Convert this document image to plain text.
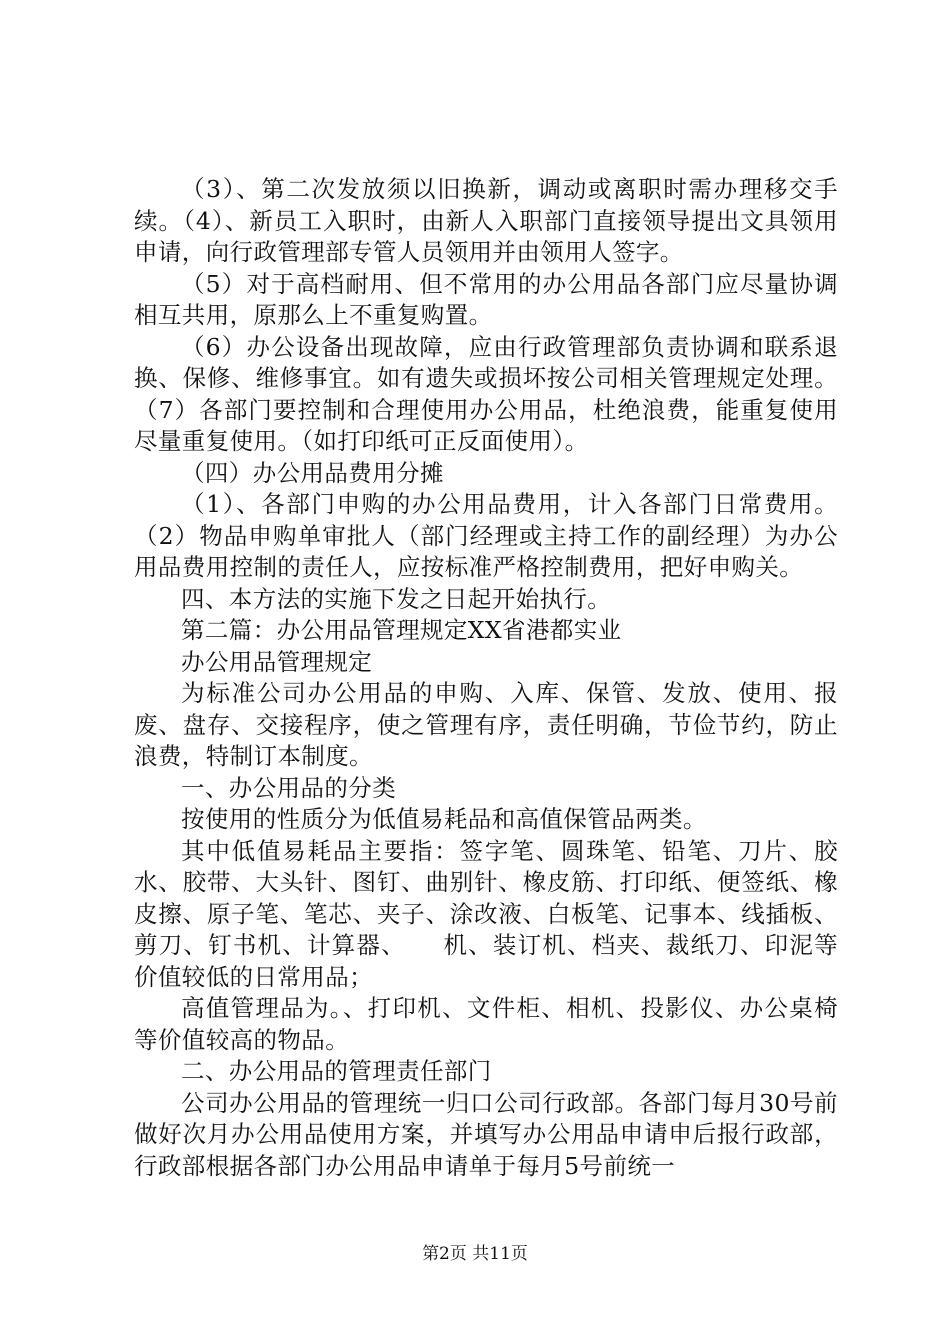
（3）、第二次发放须以旧换新，调动或离职时需办理移交手续。（4）、新员工入职时，由新人入职部门直接领导提出文具领用申请，向行政管理部专管人员领用并由领用人签字。

（5）对于高档耐用、但不常用的办公用品各部门应尽量协调相互共用，原那么上不重复购置。

（6）办公设备出现故障，应由行政管理部负责协调和联系退换、保修、维修事宜。如有遗失或损坏按公司相关管理规定处理。（7）各部门要控制和合理使用办公用品，杜绝浪费，能重复使用尽量重复使用。（如打印纸可正反面使用）。

（四）办公用品费用分摊

（1）、各部门申购的办公用品费用，计入各部门日常费用。（2）物品申购单审批人（部门经理或主持工作的副经理）为办公用品费用控制的责任人，应按标准严格控制费用，把好申购关。

四、本方法的实施下发之日起开始执行。

第二篇：办公用品管理规定XX省港都实业

办公用品管理规定

为标准公司办公用品的申购、入库、保管、发放、使用、报废、盘存、交接程序，使之管理有序，责任明确，节俭节约，防止浪费，特制订本制度。

一、办公用品的分类

按使用的性质分为低值易耗品和高值保管品两类。

其中低值易耗品主要指：签字笔、圆珠笔、铅笔、刀片、胶水、胶带、大头针、图钉、曲别针、橡皮筋、打印纸、便签纸、橡皮擦、原子笔、笔芯、夹子、涂改液、白板笔、记事本、线插板、剪刀、钉书机、计算器、　　机、装订机、档夹、裁纸刀、印泥等价值较低的日常用品；

高值管理品为。、打印机、文件柜、相机、投影仪、办公桌椅等价值较高的物品。

二、办公用品的管理责任部门

公司办公用品的管理统一归口公司行政部。各部门每月30号前做好次月办公用品使用方案，并填写办公用品申请申后报行政部，行政部根据各部门办公用品申请单于每月5号前统一

第2页 共11页
